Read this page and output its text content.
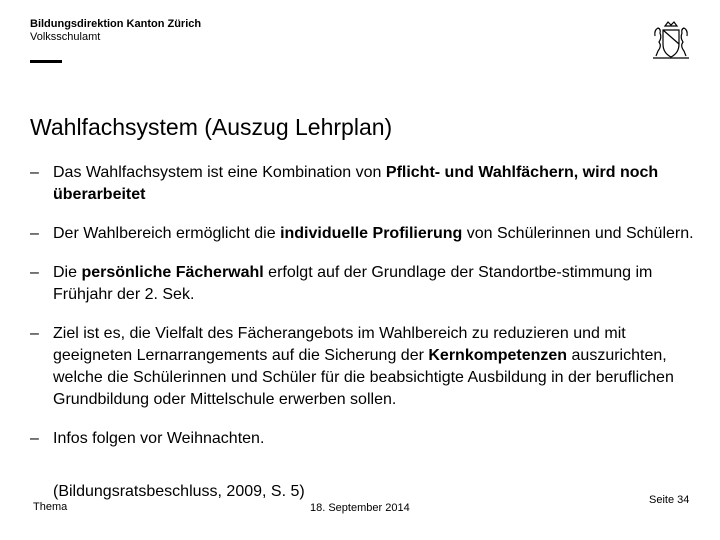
Bildungsdirektion Kanton Zürich
Volksschulamt
Wahlfachsystem (Auszug Lehrplan)
– Das Wahlfachsystem ist eine Kombination von Pflicht- und Wahlfächern, wird noch überarbeitet
– Der Wahlbereich ermöglicht die individuelle Profilierung von Schülerinnen und Schülern.
– Die persönliche Fächerwahl erfolgt auf der Grundlage der Standortbe-stimmung im Frühjahr der 2. Sek.
– Ziel ist es, die Vielfalt des Fächerangebots im Wahlbereich zu reduzieren und mit geeigneten Lernarrangements auf die Sicherung der Kernkompetenzen auszurichten, welche die Schülerinnen und Schüler für die beabsichtigte Ausbildung in der beruflichen Grundbildung oder Mittelschule erwerben sollen.
– Infos folgen vor Weihnachten.
(Bildungsratsbeschluss, 2009, S. 5)
Thema	18. September 2014
Seite 34
